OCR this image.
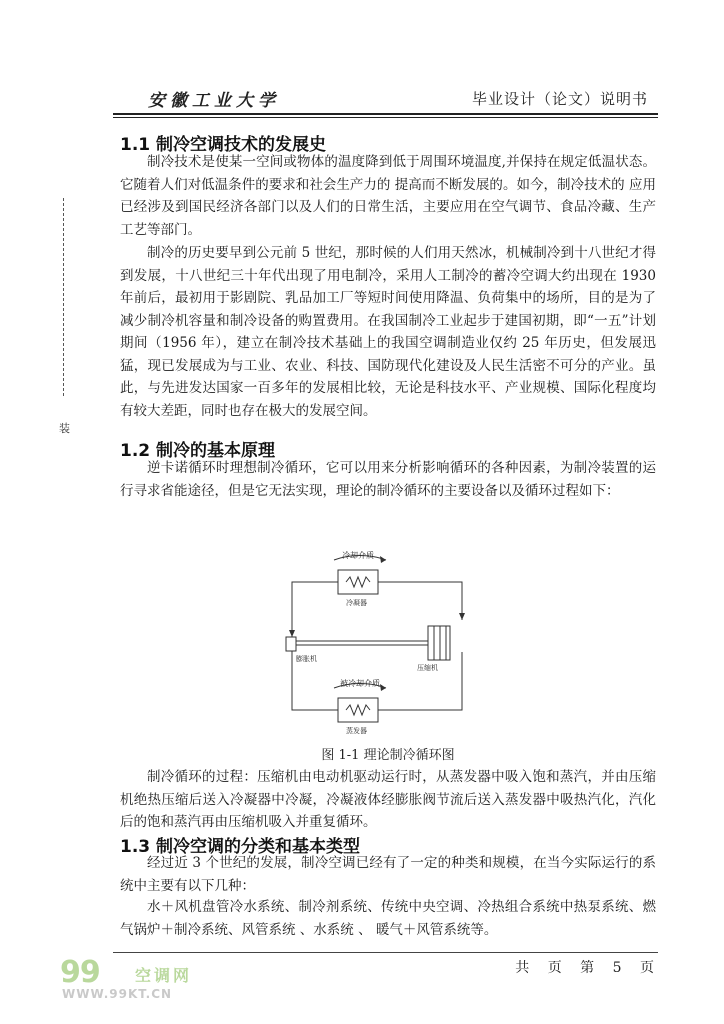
安徽工业大学	毕业设计（论文）说明书
装
1.1 制冷空调技术的发展史

制冷技术是使某一空间或物体的温度降到低于周围环境温度,并保持在规定低温状态。它随着人们对低温条件的要求和社会生产力的 提高而不断发展的。如今，制冷技术的 应用已经涉及到国民经济各部门以及人们的日常生活，主要应用在空气调节、食品冷藏、生产工艺等部门。

制冷的历史要早到公元前 5 世纪，那时候的人们用天然冰，机械制冷到十八世纪才得到发展，十八世纪三十年代出现了用电制冷，采用人工制冷的蓄冷空调大约出现在 1930 年前后，最初用于影剧院、乳品加工厂等短时间使用降温、负荷集中的场所，目的是为了减少制冷机容量和制冷设备的购置费用。在我国制冷工业起步于建国初期，即“一五”计划期间（1956 年），建立在制冷技术基础上的我国空调制造业仅约 25 年历史，但发展迅猛，现已发展成为与工业、农业、科技、国防现代化建设及人民生活密不可分的产业。虽此，与先进发达国家一百多年的发展相比较，无论是科技水平、产业规模、国际化程度均有较大差距，同时也存在极大的发展空间。

1.2 制冷的基本原理

逆卡诺循环时理想制冷循环，它可以用来分析影响循环的各种因素，为制冷装置的运行寻求省能途径，但是它无法实现，理论的制冷循环的主要设备以及循环过程如下：

冷却介质
冷凝器
膨胀机
压缩机
被冷却介质
蒸发器
图 1-1 理论制冷循环图

制冷循环的过程：压缩机由电动机驱动运行时，从蒸发器中吸入饱和蒸汽，并由压缩机绝热压缩后送入冷凝器中冷凝，冷凝液体经膨胀阀节流后送入蒸发器中吸热汽化，汽化后的饱和蒸汽再由压缩机吸入并重复循环。

1.3 制冷空调的分类和基本类型

经过近 3 个世纪的发展，制冷空调已经有了一定的种类和规模，在当今实际运行的系统中主要有以下几种：

水＋风机盘管冷水系统、制冷剂系统、传统中央空调、冷热组合系统中热泵系统、燃气锅炉＋制冷系统、风管系统 、水系统 、 暖气＋风管系统等。

共 页 第 5 页
99 空调网
WWW.99KT.CN
